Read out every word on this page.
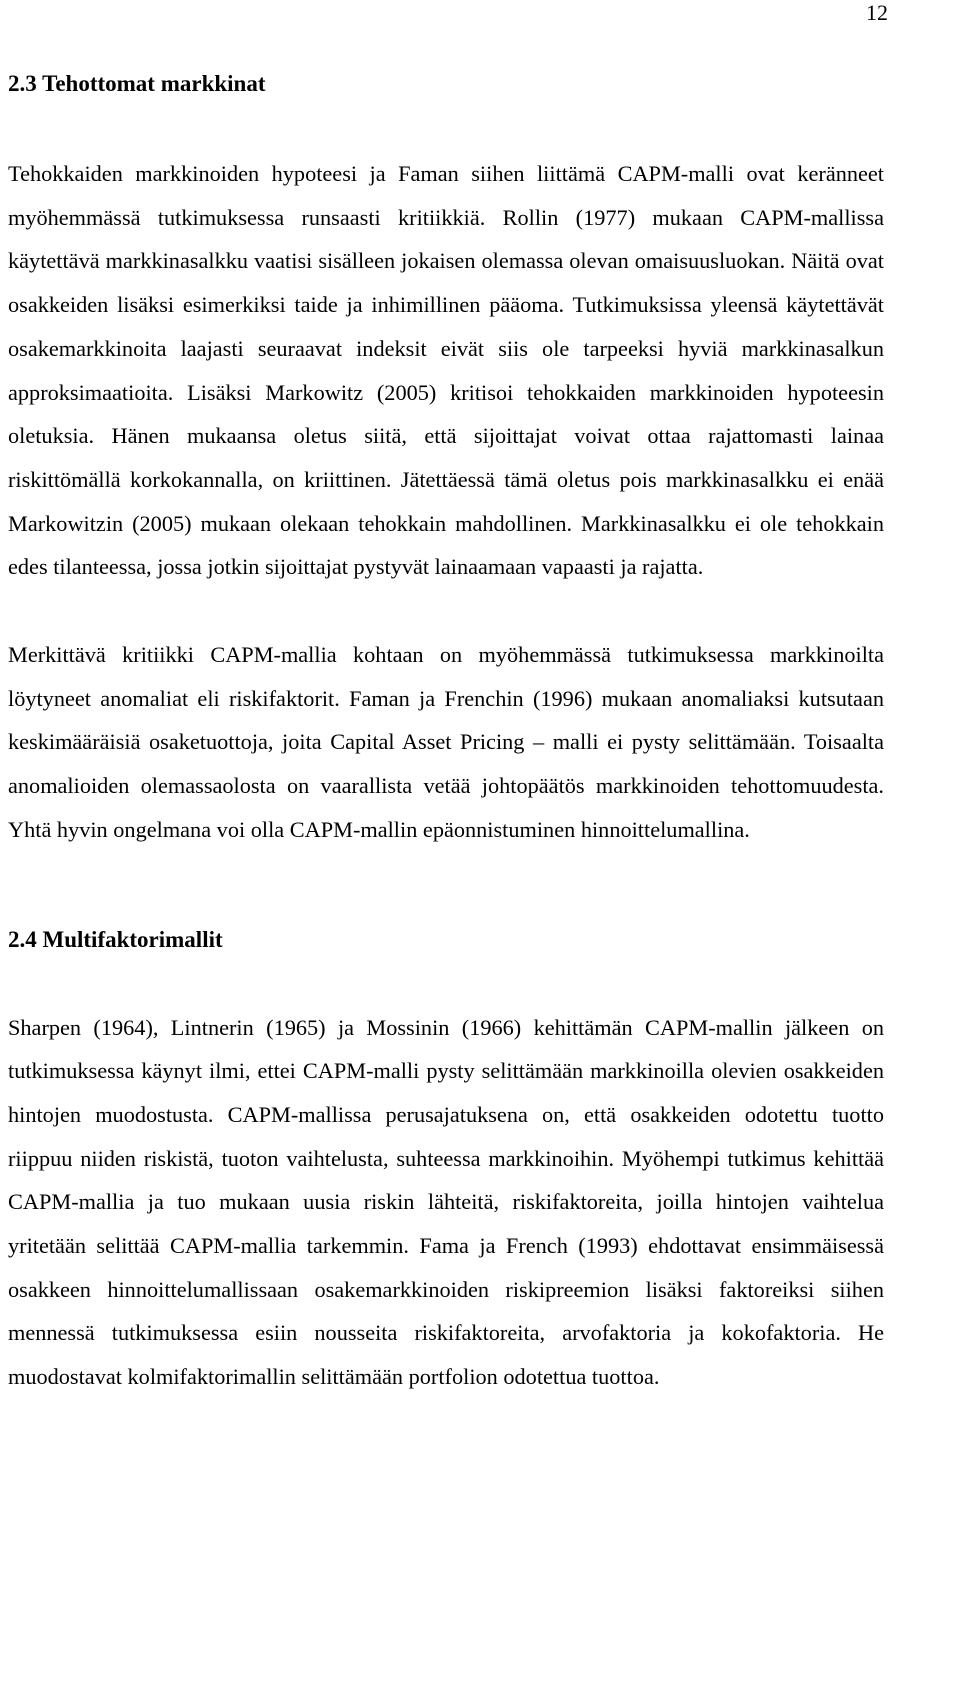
12
2.3 Tehottomat markkinat

Tehokkaiden markkinoiden hypoteesi ja Faman siihen liittämä CAPM-malli ovat keränneet myöhemmässä tutkimuksessa runsaasti kritiikkiä. Rollin (1977) mukaan CAPM-mallissa käytettävä markkinasalkku vaatisi sisälleen jokaisen olemassa olevan omaisuusluokan. Näitä ovat osakkeiden lisäksi esimerkiksi taide ja inhimillinen pääoma. Tutkimuksissa yleensä käytettävät osakemarkkinoita laajasti seuraavat indeksit eivät siis ole tarpeeksi hyviä markkinasalkun approksimaatioita. Lisäksi Markowitz (2005) kritisoi tehokkaiden markkinoiden hypoteesin oletuksia. Hänen mukaansa oletus siitä, että sijoittajat voivat ottaa rajattomasti lainaa riskittömällä korkokannalla, on kriittinen. Jätettäessä tämä oletus pois markkinasalkku ei enää Markowitzin (2005) mukaan olekaan tehokkain mahdollinen. Markkinasalkku ei ole tehokkain edes tilanteessa, jossa jotkin sijoittajat pystyvät lainaamaan vapaasti ja rajatta.

Merkittävä kritiikki CAPM-mallia kohtaan on myöhemmässä tutkimuksessa markkinoilta löytyneet anomaliat eli riskifaktorit. Faman ja Frenchin (1996) mukaan anomaliaksi kutsutaan keskimääräisiä osaketuottoja, joita Capital Asset Pricing – malli ei pysty selittämään. Toisaalta anomalioiden olemassaolosta on vaarallista vetää johtopäätös markkinoiden tehottomuudesta. Yhtä hyvin ongelmana voi olla CAPM-mallin epäonnistuminen hinnoittelumallina.

2.4 Multifaktorimallit

Sharpen (1964), Lintnerin (1965) ja Mossinin (1966) kehittämän CAPM-mallin jälkeen on tutkimuksessa käynyt ilmi, ettei CAPM-malli pysty selittämään markkinoilla olevien osakkeiden hintojen muodostusta. CAPM-mallissa perusajatuksena on, että osakkeiden odotettu tuotto riippuu niiden riskistä, tuoton vaihtelusta, suhteessa markkinoihin. Myöhempi tutkimus kehittää CAPM-mallia ja tuo mukaan uusia riskin lähteitä, riskifaktoreita, joilla hintojen vaihtelua yritetään selittää CAPM-mallia tarkemmin. Fama ja French (1993) ehdottavat ensimmäisessä osakkeen hinnoittelumallissaan osakemarkkinoiden riskipreemion lisäksi faktoreiksi siihen mennessä tutkimuksessa esiin nousseita riskifaktoreita, arvofaktoria ja kokofaktoria. He muodostavat kolmifaktorimallin selittämään portfolion odotettua tuottoa.
